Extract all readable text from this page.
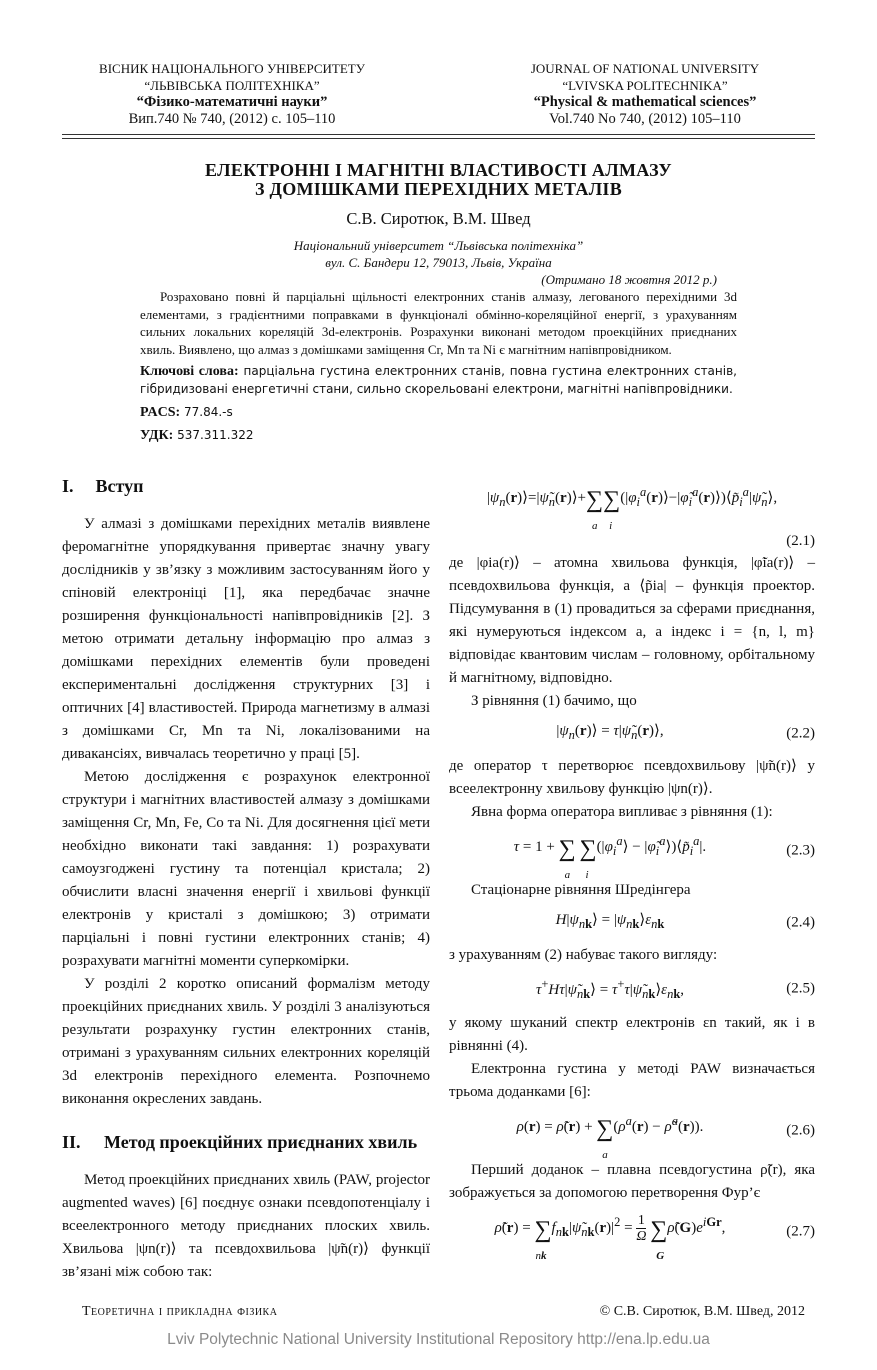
ВІСНИК НАЦІОНАЛЬНОГО УНІВЕРСИТЕТУ
“ЛЬВІВСЬКА ПОЛІТЕХНІКА”
“Фізико-математичні науки”
Вип.740 № 740, (2012) с. 105–110
JOURNAL OF NATIONAL UNIVERSITY
“LVIVSKA POLITECHNIKA”
“Physical & mathematical sciences”
Vol.740 No 740, (2012) 105–110
ЕЛЕКТРОННІ І МАГНІТНІ ВЛАСТИВОСТІ АЛМАЗУ
З ДОМІШКАМИ ПЕРЕХІДНИХ МЕТАЛІВ
С.В. Сиротюк, В.М. Швед
Національний університет “Львівська політехніка”
вул. С. Бандери 12, 79013, Львів, Україна
(Отримано 18 жовтня 2012 р.)
Розраховано повні й парціальні щільності електронних станів алмазу, легованого перехідними 3d елементами, з градієнтними поправками в функціоналі обмінно-кореляційної енергії, з урахуванням сильних локальних кореляцій 3d-електронів. Розрахунки виконані методом проекційних приєднаних хвиль. Виявлено, що алмаз з домішками заміщення Cr, Mn та Ni є магнітним напівпровідником.
Ключові слова: парціальна густина електронних станів, повна густина електронних станів, гібридизовані енергетичні стани, сильно скорельовані електрони, магнітні напівпровідники.
PACS: 77.84.-s
УДК: 537.311.322
I. Вступ

У алмазі з домішками перехідних металів виявлене феромагнітне упорядкування привертає значну увагу дослідників у зв’язку з можливим застосуванням його у спіновій електроніці [1], яка передбачає значне розширення функціональності напівпровідників [2]. З метою отримати детальну інформацію про алмаз з домішками перехідних елементів були проведені експериментальні дослідження структурних [3] і оптичних [4] властивостей. Природа магнетизму в алмазі з домішками Cr, Mn та Ni, локалізованими на дивакансіях, вивчалась теоретично у праці [5].

Метою дослідження є розрахунок електронної структури і магнітних властивостей алмазу з домішками заміщення Cr, Mn, Fe, Co та Ni. Для досягнення цієї мети необхідно виконати такі завдання: 1) розрахувати самоузгоджені густину та потенціал кристала; 2) обчислити власні значення енергії і хвильові функції електронів у кристалі з домішкою; 3) отримати парціальні і повні густини електронних станів; 4) розрахувати магнітні моменти суперкомірки.

У розділі 2 коротко описаний формалізм методу проекційних приєднаних хвиль. У розділі 3 аналізуються результати розрахунку густин електронних станів, отримані з урахуванням сильних електронних кореляцій 3d електронів перехідного елемента. Розпочнемо виконання окреслених завдань.

II.	Метод проекційних приєднаних хвиль

Метод проекційних приєднаних хвиль (PAW, projector augmented waves) [6] поєднує ознаки псевдопотенціалу і всеелектронного методу приєднаних плоских хвиль. Хвильова |ψn(r)⟩ та псевдохвильова |ψ̃n(r)⟩ функції зв’язані між собою так:

$|\psi_n(r)⟩=|\psĩ_n(r)⟩+\sum$
a
∑
i
$(|\varphi_i^a(r)⟩-|\varphĩ_i^a(r)⟩)⟨p̃_i^a|\psĩ_n⟩$,
(2.1)

де |φia(r)⟩ – атомна хвильова функція, |φ̃ia(r)⟩ – псевдохвильова функція, а ⟨p̃ia| – функція проектор. Підсумування в (1) провадиться за сферами приєднання, які нумеруються індексом a, а індекс i = {n, l, m} відповідає квантовим числам – головному, орбітальному й магнітному, відповідно.

З рівняння (1) бачимо, що

$|\psi_n(r)⟩$ = $\tau|\psĩ_n(r)⟩$,	(2.2)

де оператор τ перетворює псевдохвильову |ψ̃n(r)⟩ у всеелектронну хвильову функцію |ψn(r)⟩.

Явна форма оператора випливає з рівняння (1):

τ = 1 + ∑
a
∑
i
($|\varphi_i^a⟩$ − $|\varphĩ_i^a⟩)⟨p̃_i^a|$.	(2.3)

Стаціонарне рівняння Шредінгера

$H|\psi_{nk}⟩$ = $|\psi_{nk}⟩\varepsilon_{nk}$	(2.4)

з урахуванням (2) набуває такого вигляду:

$\tau^+H\tau|\psĩ_{nk}⟩$ = $\tau^+\tau|\psĩ_{nk}⟩\varepsilon_{nk}$,	(2.5)

у якому шуканий спектр електронів εn такий, як і в рівнянні (4).

Електронна густина у методі PAW визначається трьома доданками [6]:

ρ(r) = ρ̃(r) + ∑
a
($\rho^a(r)$ − ρ̃$^a$(r)).	(2.6)

Перший доданок – плавна псевдогустина ρ̃(r), яка зображується за допомогою перетворення Фур’є

ρ̃(r) = ∑
nk
$f_{nk}|\psĩ_{nk}(r)|^2 = 1$

Ω ∑
G
$\rhõ(G)e^{iGr}$,	(2.7)
Теоретична і прикладна фізика	© С.В. Сиротюк, В.М. Швед, 2012
Lviv Polytechnic National University Institutional Repository http://ena.lp.edu.ua
